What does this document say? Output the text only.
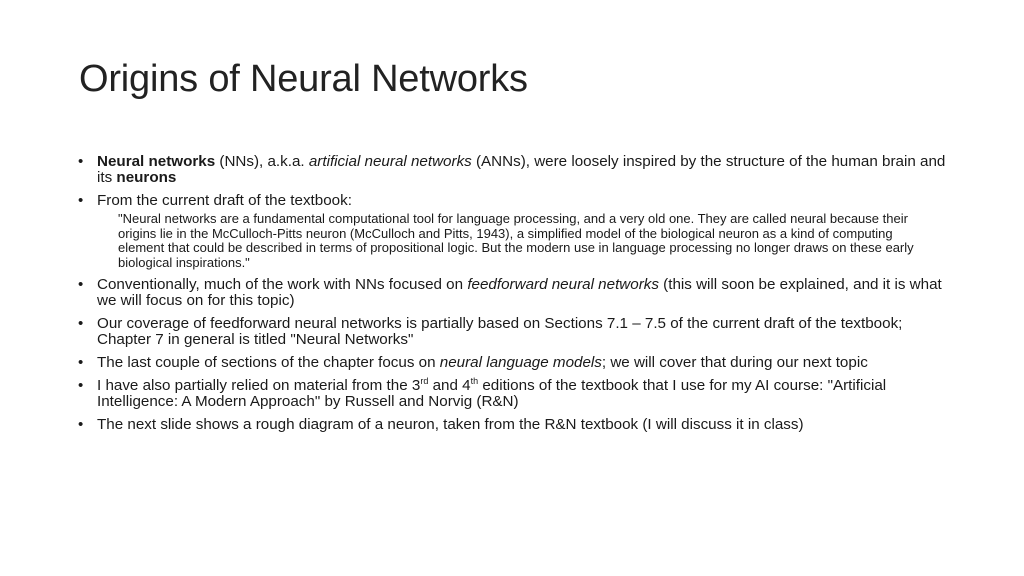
Origins of Neural Networks
• Neural networks (NNs), a.k.a. artificial neural networks (ANNs), were loosely inspired by the structure of the human brain and its neurons
• From the current draft of the textbook:
"Neural networks are a fundamental computational tool for language processing, and a very old one. They are called neural because their origins lie in the McCulloch-Pitts neuron (McCulloch and Pitts, 1943), a simplified model of the biological neuron as a kind of computing element that could be described in terms of propositional logic. But the modern use in language processing no longer draws on these early biological inspirations."
• Conventionally, much of the work with NNs focused on feedforward neural networks (this will soon be explained, and it is what we will focus on for this topic)
• Our coverage of feedforward neural networks is partially based on Sections 7.1 – 7.5 of the current draft of the textbook; Chapter 7 in general is titled "Neural Networks"
• The last couple of sections of the chapter focus on neural language models; we will cover that during our next topic
• I have also partially relied on material from the 3rd and 4th editions of the textbook that I use for my AI course: "Artificial Intelligence: A Modern Approach" by Russell and Norvig (R&N)
• The next slide shows a rough diagram of a neuron, taken from the R&N textbook (I will discuss it in class)
